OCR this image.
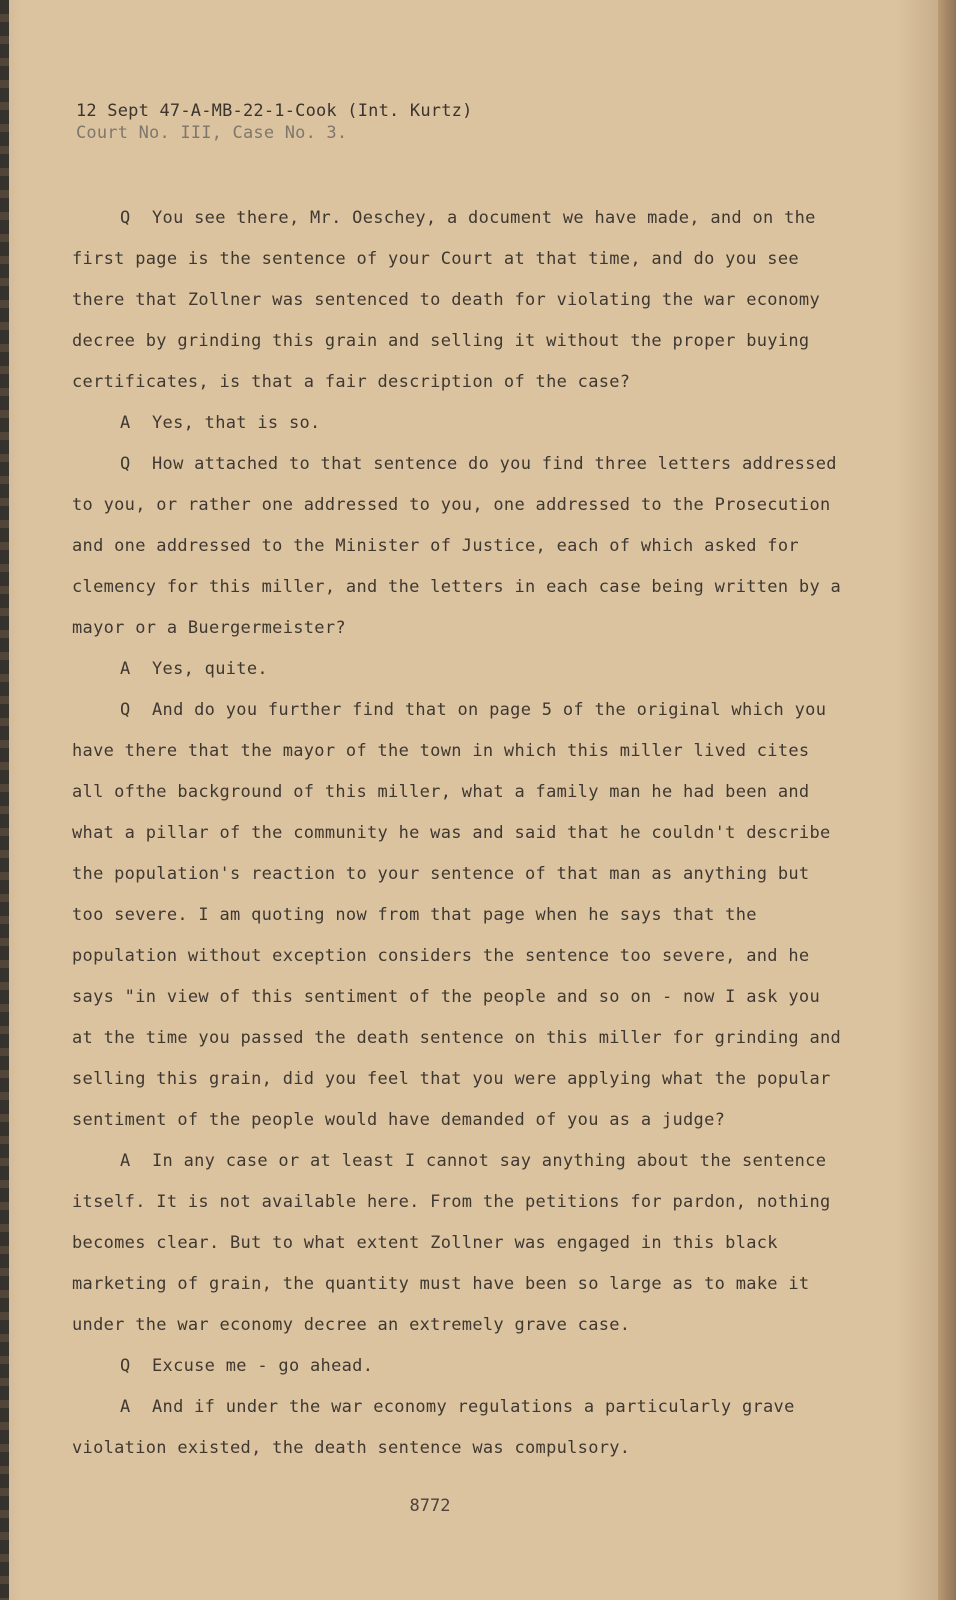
12 Sept 47-A-MB-22-1-Cook (Int. Kurtz)
Court No. III, Case No. 3.

Q You see there, Mr. Oeschey, a document we have made, and on the first page is the sentence of your Court at that time, and do you see there that Zollner was sentenced to death for violating the war economy decree by grinding this grain and selling it without the proper buying certificates, is that a fair description of the case?

A Yes, that is so.

Q How attached to that sentence do you find three letters addressed to you, or rather one addressed to you, one addressed to the Prosecution and one addressed to the Minister of Justice, each of which asked for clemency for this miller, and the letters in each case being written by a mayor or a Buergermeister?

A Yes, quite.

Q And do you further find that on page 5 of the original which you have there that the mayor of the town in which this miller lived cites all ofthe background of this miller, what a family man he had been and what a pillar of the community he was and said that he couldn't describe the population's reaction to your sentence of that man as anything but too severe. I am quoting now from that page when he says that the population without exception considers the sentence too severe, and he says "in view of this sentiment of the people and so on - now I ask you at the time you passed the death sentence on this miller for grinding and selling this grain, did you feel that you were applying what the popular sentiment of the people would have demanded of you as a judge?

A In any case or at least I cannot say anything about the sentence itself. It is not available here. From the petitions for pardon, nothing becomes clear. But to what extent Zollner was engaged in this black marketing of grain, the quantity must have been so large as to make it under the war economy decree an extremely grave case.

Q Excuse me - go ahead.

A And if under the war economy regulations a particularly grave violation existed, the death sentence was compulsory.

8772
